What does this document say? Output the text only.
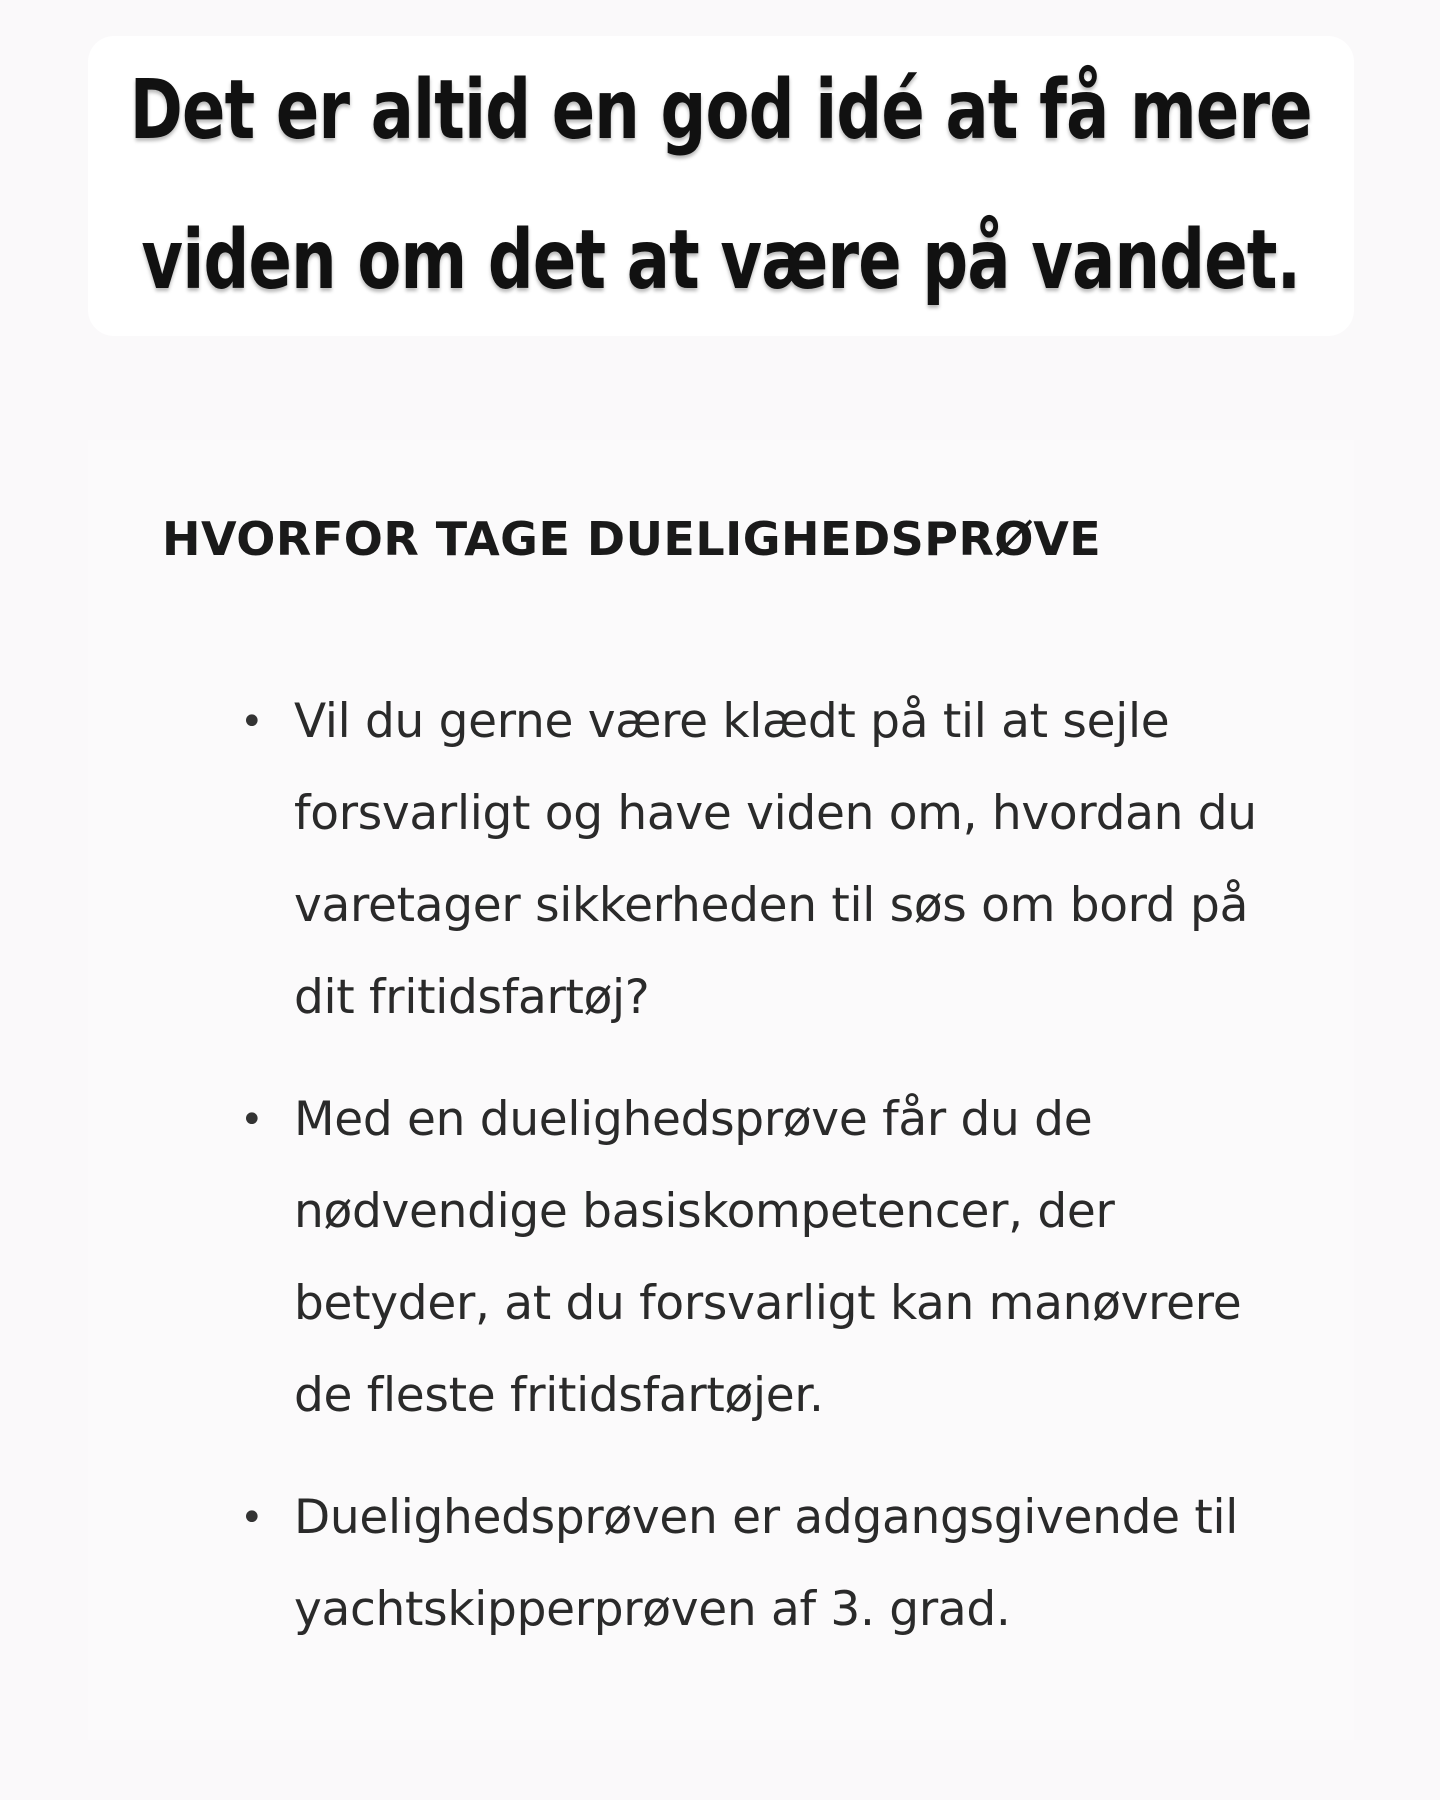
Det er altid en god idé at få mere
viden om det at være på vandet.
HVORFOR TAGE DUELIGHEDSPRØVE
• Vil du gerne være klædt på til at sejle forsvarligt og have viden om, hvordan du varetager sikkerheden til søs om bord på dit fritidsfartøj?
• Med en duelighedsprøve får du de nødvendige basiskompetencer, der betyder, at du forsvarligt kan manøvrere de fleste fritidsfartøjer.
• Duelighedsprøven er adgangsgivende til yachtskipperprøven af 3. grad.
